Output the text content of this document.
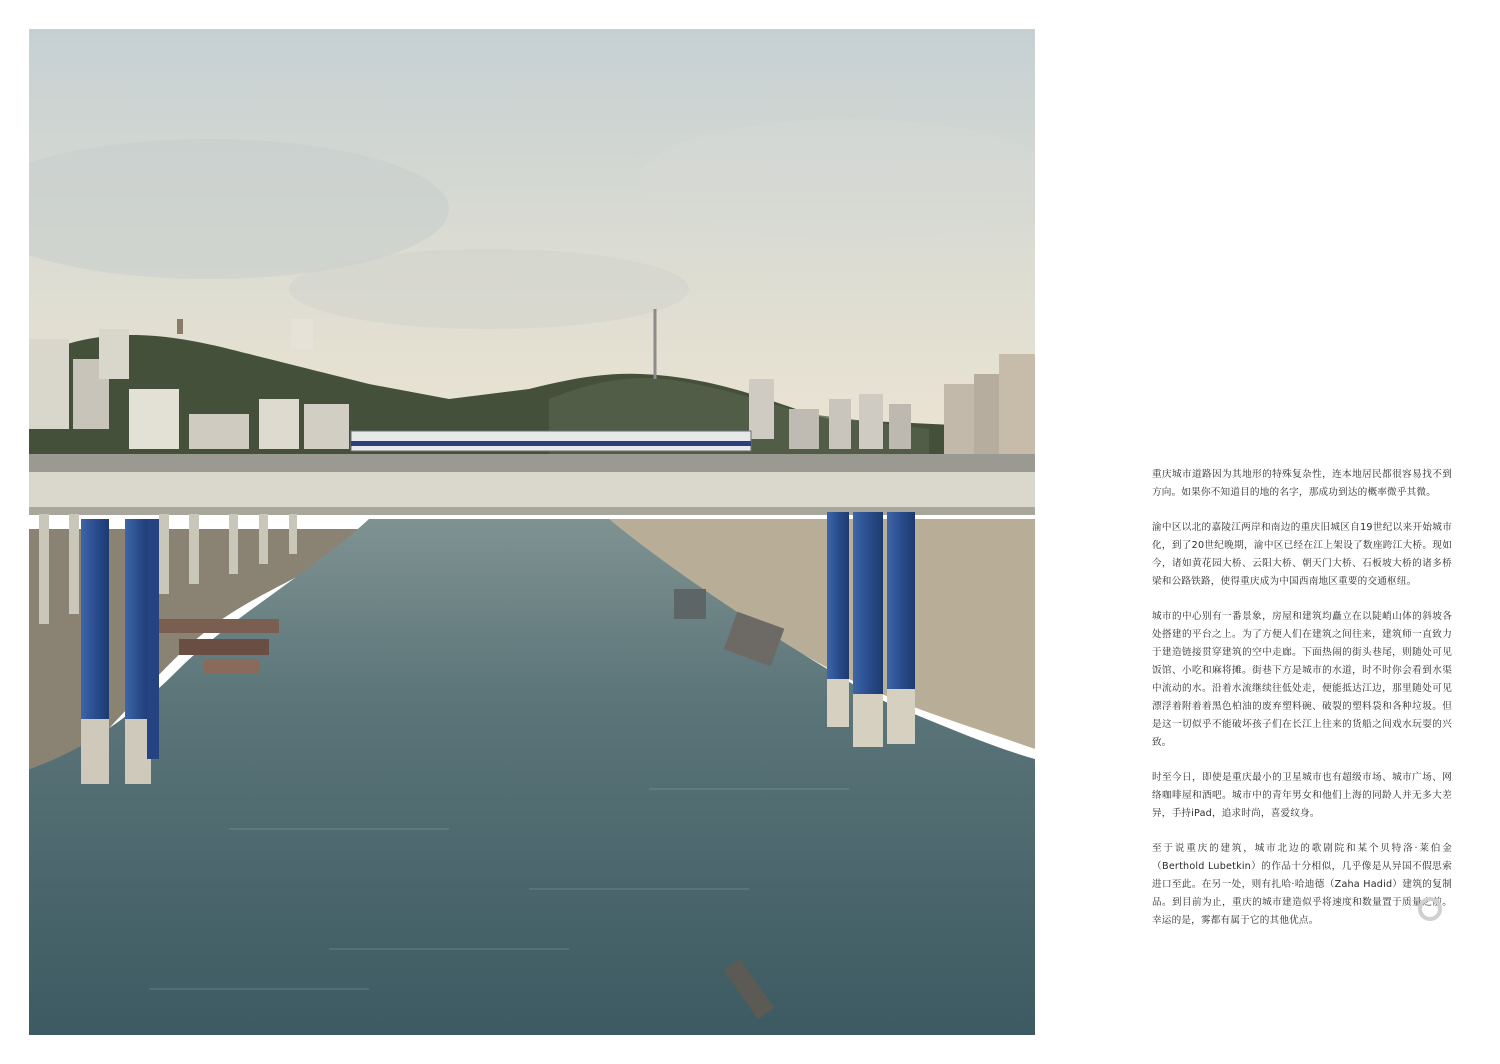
重庆城市道路因为其地形的特殊复杂性，连本地居民都很容易找不到方向。如果你不知道目的地的名字，那成功到达的概率微乎其微。

渝中区以北的嘉陵江两岸和南边的重庆旧城区自19世纪以来开始城市化，到了20世纪晚期，渝中区已经在江上架设了数座跨江大桥。现如今，诸如黄花园大桥、云阳大桥、朝天门大桥、石板坡大桥的诸多桥梁和公路铁路，使得重庆成为中国西南地区重要的交通枢纽。

城市的中心别有一番景象，房屋和建筑均矗立在以陡峭山体的斜坡各处搭建的平台之上。为了方便人们在建筑之间往来，建筑师一直致力于建造链接贯穿建筑的空中走廊。下面热闹的街头巷尾，则随处可见饭馆、小吃和麻将摊。街巷下方是城市的水道，时不时你会看到水渠中流动的水。沿着水流继续往低处走，便能抵达江边，那里随处可见漂浮着附着着黑色柏油的废弃塑料碗、破裂的塑料袋和各种垃圾。但是这一切似乎不能破坏孩子们在长江上往来的货船之间戏水玩耍的兴致。

时至今日，即使是重庆最小的卫星城市也有超级市场、城市广场、网络咖啡屋和酒吧。城市中的青年男女和他们上海的同龄人并无多大差异，手持iPad，追求时尚，喜爱纹身。

至于说重庆的建筑，城市北边的歌剧院和某个贝特洛·莱伯金（Berthold Lubetkin）的作品十分相似，几乎像是从异国不假思索进口至此。在另一处，则有扎哈·哈迪德（Zaha Hadid）建筑的复制品。到目前为止，重庆的城市建造似乎将速度和数量置于质量之前。幸运的是，雾都有属于它的其他优点。
